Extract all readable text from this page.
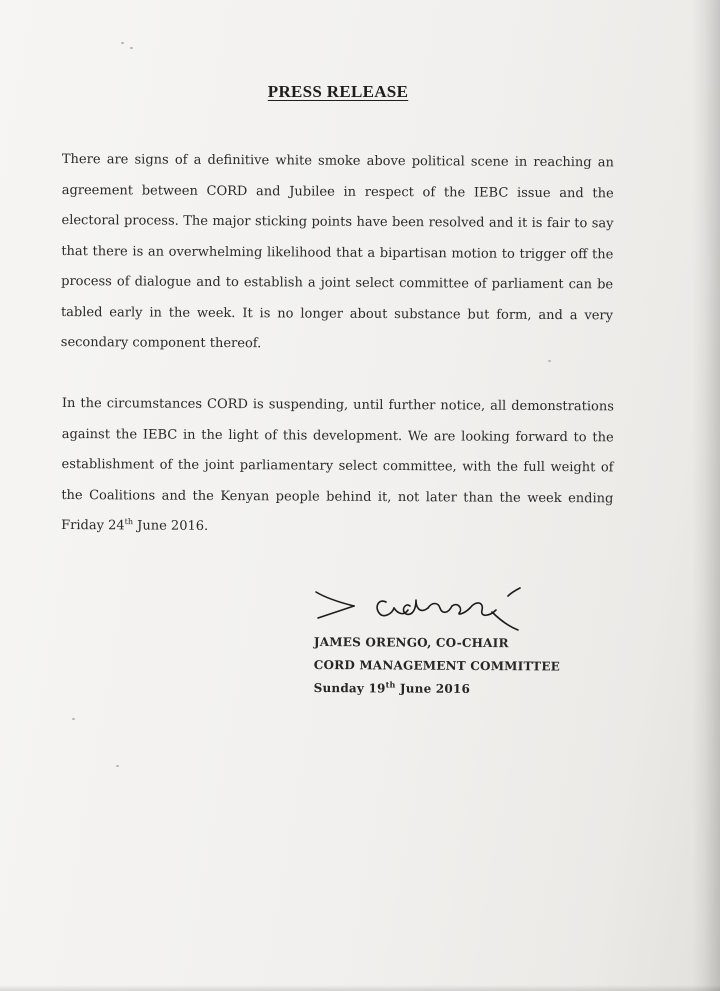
PRESS RELEASE
There are signs of a definitive white smoke above political scene in reaching an agreement between CORD and Jubilee in respect of the IEBC issue and the electoral process. The major sticking points have been resolved and it is fair to say that there is an overwhelming likelihood that a bipartisan motion to trigger off the process of dialogue and to establish a joint select committee of parliament can be tabled early in the week. It is no longer about substance but form, and a very secondary component thereof.
In the circumstances CORD is suspending, until further notice, all demonstrations against the IEBC in the light of this development. We are looking forward to the establishment of the joint parliamentary select committee, with the full weight of the Coalitions and the Kenyan people behind it, not later than the week ending Friday 24th June 2016.
JAMES ORENGO, CO-CHAIR
CORD MANAGEMENT COMMITTEE
Sunday 19th June 2016
